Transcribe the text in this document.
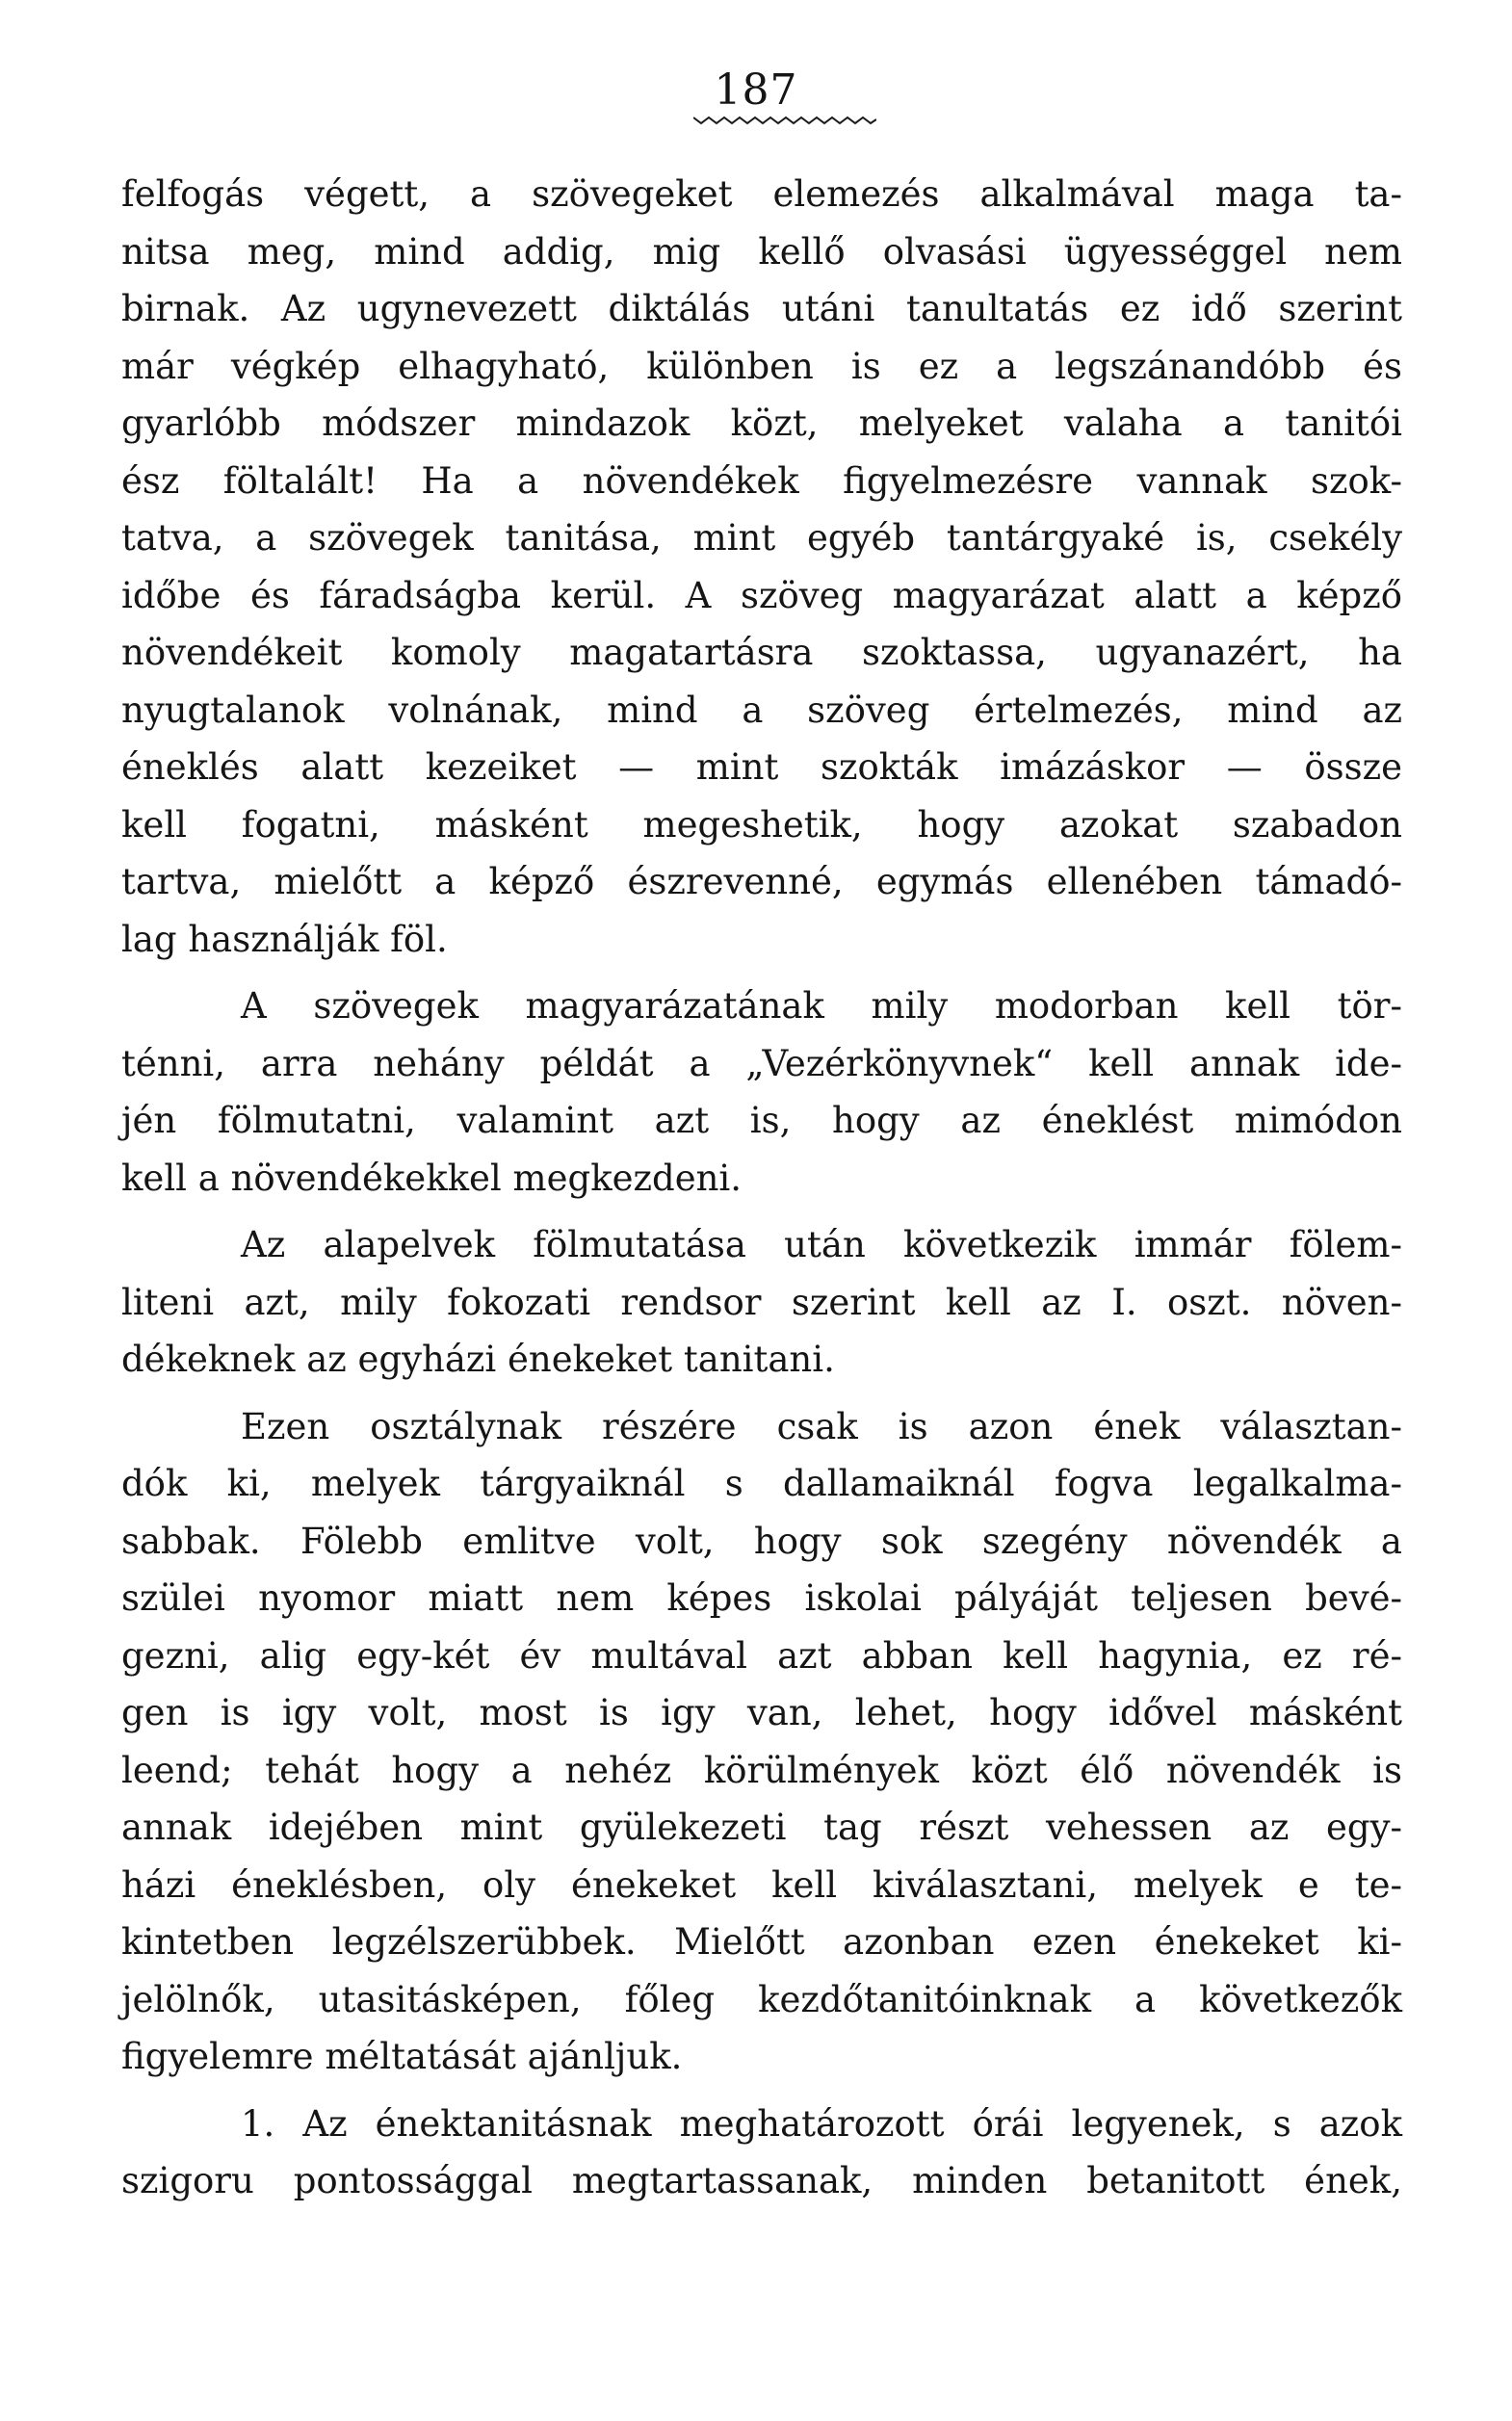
187
felfogás végett, a szövegeket elemezés alkalmával maga ta-
nitsa meg, mind addig, mig kellő olvasási ügyességgel nem
birnak. Az ugynevezett diktálás utáni tanultatás ez idő szerint
már végkép elhagyható, különben is ez a legszánandóbb és
gyarlóbb módszer mindazok közt, melyeket valaha a tanitói
ész föltalált! Ha a növendékek figyelmezésre vannak szok-
tatva, a szövegek tanitása, mint egyéb tantárgyaké is, csekély
időbe és fáradságba kerül. A szöveg magyarázat alatt a képző
növendékeit komoly magatartásra szoktassa, ugyanazért, ha
nyugtalanok volnának, mind a szöveg értelmezés, mind az
éneklés alatt kezeiket — mint szokták imázáskor — össze
kell fogatni, másként megeshetik, hogy azokat szabadon
tartva, mielőtt a képző észrevenné, egymás ellenében támadó-
lag használják föl.
A szövegek magyarázatának mily modorban kell tör-
ténni, arra nehány példát a „Vezérkönyvnek“ kell annak ide-
jén fölmutatni, valamint azt is, hogy az éneklést mimódon
kell a növendékekkel megkezdeni.
Az alapelvek fölmutatása után következik immár fölem-
liteni azt, mily fokozati rendsor szerint kell az I. oszt. növen-
dékeknek az egyházi énekeket tanitani.
Ezen osztálynak részére csak is azon ének választan-
dók ki, melyek tárgyaiknál s dallamaiknál fogva legalkalma-
sabbak. Fölebb emlitve volt, hogy sok szegény növendék a
szülei nyomor miatt nem képes iskolai pályáját teljesen bevé-
gezni, alig egy-két év multával azt abban kell hagynia, ez ré-
gen is igy volt, most is igy van, lehet, hogy idővel másként
leend; tehát hogy a nehéz körülmények közt élő növendék is
annak idejében mint gyülekezeti tag részt vehessen az egy-
házi éneklésben, oly énekeket kell kiválasztani, melyek e te-
kintetben legzélszerübbek. Mielőtt azonban ezen énekeket ki-
jelölnők, utasitásképen, főleg kezdőtanitóinknak a következők
figyelemre méltatását ajánljuk.
1. Az énektanitásnak meghatározott órái legyenek, s azok
szigoru pontossággal megtartassanak, minden betanitott ének,
